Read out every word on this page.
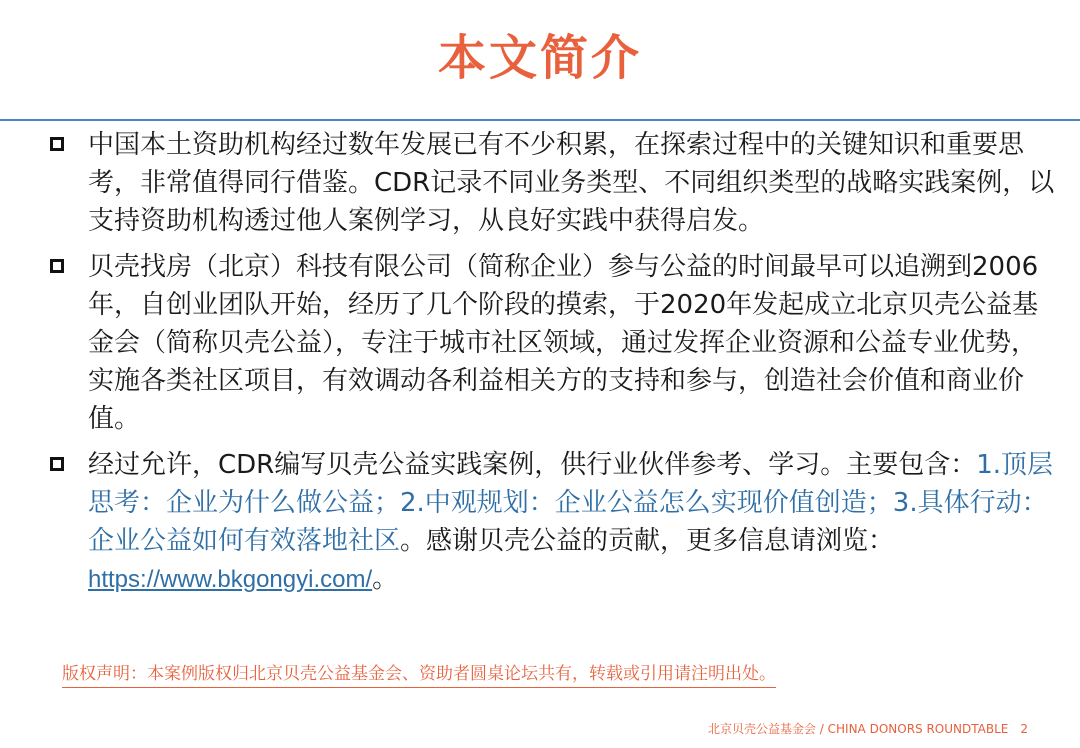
本文简介
中国本土资助机构经过数年发展已有不少积累，在探索过程中的关键知识和重要思考，非常值得同行借鉴。CDR记录不同业务类型、不同组织类型的战略实践案例，以支持资助机构透过他人案例学习，从良好实践中获得启发。
贝壳找房（北京）科技有限公司（简称企业）参与公益的时间最早可以追溯到2006年，自创业团队开始，经历了几个阶段的摸索，于2020年发起成立北京贝壳公益基金会（简称贝壳公益），专注于城市社区领域，通过发挥企业资源和公益专业优势，实施各类社区项目，有效调动各利益相关方的支持和参与，创造社会价值和商业价值。
经过允许，CDR编写贝壳公益实践案例，供行业伙伴参考、学习。主要包含：1.顶层思考：企业为什么做公益；2.中观规划：企业公益怎么实现价值创造；3.具体行动：企业公益如何有效落地社区。感谢贝壳公益的贡献，更多信息请浏览：https://www.bkgongyi.com/。
版权声明：本案例版权归北京贝壳公益基金会、资助者圆桌论坛共有，转载或引用请注明出处。
北京贝壳公益基金会 / CHINA DONORS ROUNDTABLE 2
